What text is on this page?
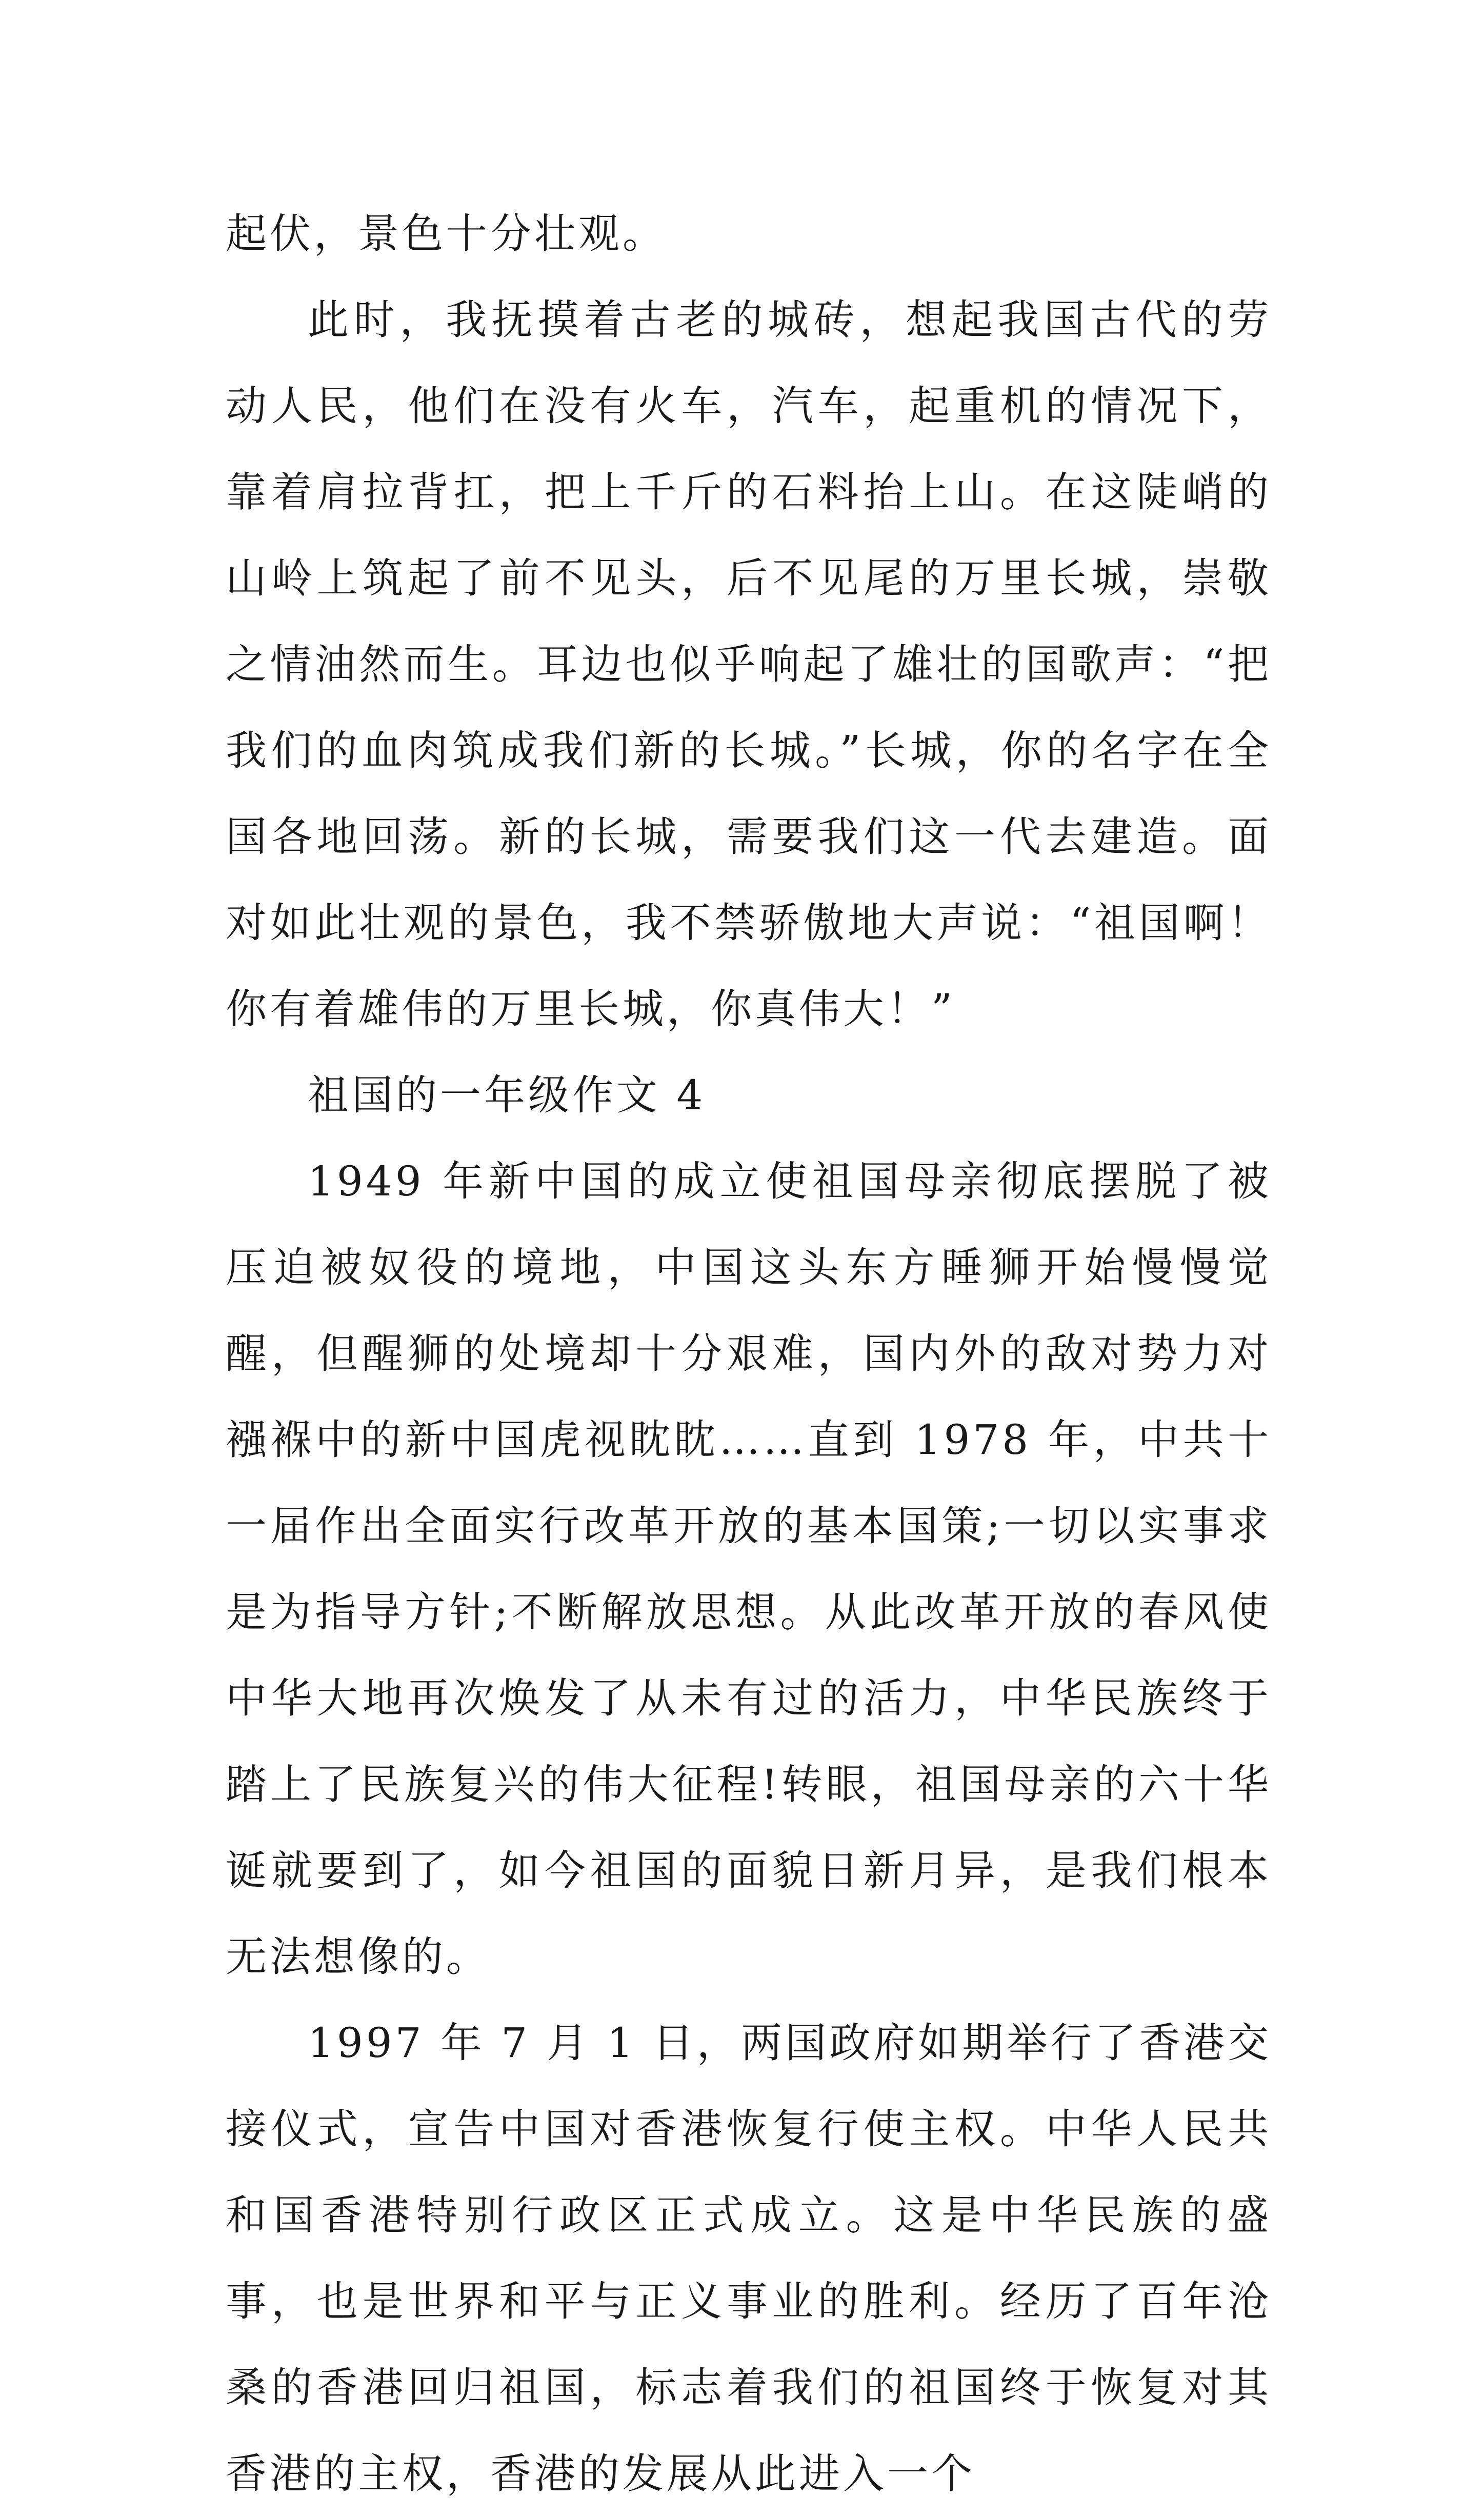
起伏，景色十分壮观。

此时，我抚摸着古老的城砖，想起我国古代的劳动人民，他们在没有火车，汽车，起重机的情况下，靠着肩拉背扛，把上千斤的石料抬上山。在这陡峭的山岭上筑起了前不见头，后不见尾的万里长城，崇敬之情油然而生。耳边也似乎响起了雄壮的国歌声：“把我们的血肉筑成我们新的长城。”长城，你的名字在全国各地回荡。新的长城，需要我们这一代去建造。面对如此壮观的景色，我不禁骄傲地大声说：“祖国啊！你有着雄伟的万里长城，你真伟大！”

祖国的一年级作文 4

1949 年新中国的成立使祖国母亲彻底摆脱了被压迫被奴役的境地，中国这头东方睡狮开始慢慢觉醒，但醒狮的处境却十分艰难，国内外的敌对势力对襁褓中的新中国虎视眈眈……直到 1978 年，中共十一届作出全面实行改革开放的基本国策;一切以实事求是为指导方针;不断解放思想。从此改革开放的春风使中华大地再次焕发了从未有过的活力，中华民族终于踏上了民族复兴的伟大征程!转眼，祖国母亲的六十华诞就要到了，如今祖国的面貌日新月异，是我们根本无法想像的。

1997 年 7 月 1 日，两国政府如期举行了香港交接仪式，宣告中国对香港恢复行使主权。中华人民共和国香港特别行政区正式成立。这是中华民族的盛事，也是世界和平与正义事业的胜利。经历了百年沧桑的香港回归祖国，标志着我们的祖国终于恢复对其香港的主权，香港的发展从此进入一个
